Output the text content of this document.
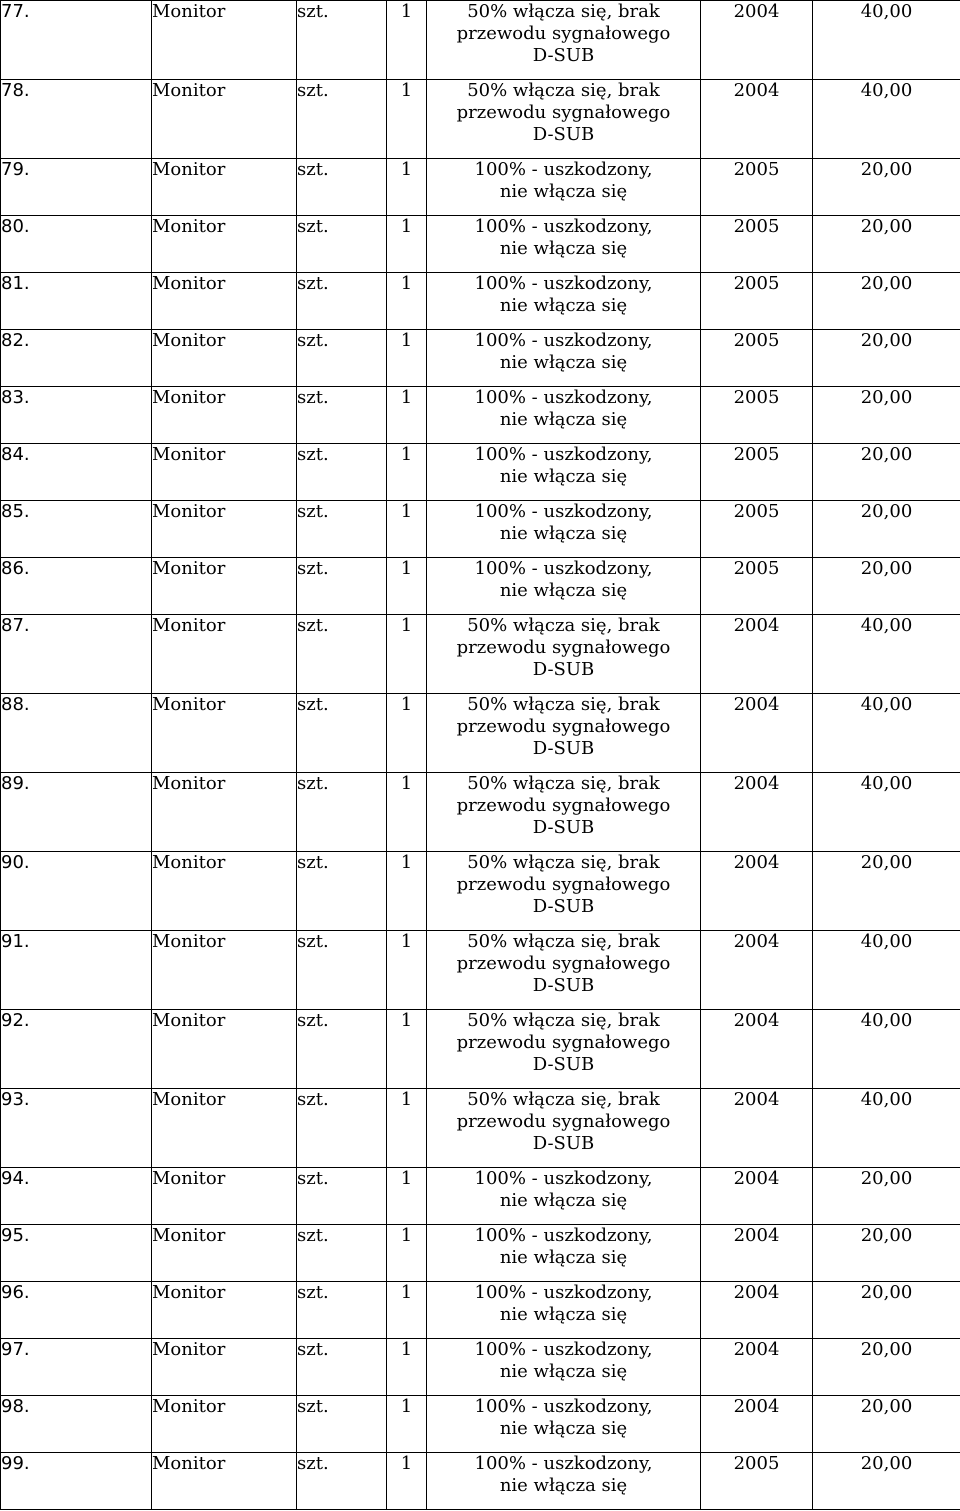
77.	Monitor	szt.	1	50% włącza się, brak
przewodu sygnałowego
D-SUB	2004	40,00
78.	Monitor	szt.	1	50% włącza się, brak
przewodu sygnałowego
D-SUB	2004	40,00
79.	Monitor	szt.	1	100% - uszkodzony,
nie włącza się	2005	20,00
80.	Monitor	szt.	1	100% - uszkodzony,
nie włącza się	2005	20,00
81.	Monitor	szt.	1	100% - uszkodzony,
nie włącza się	2005	20,00
82.	Monitor	szt.	1	100% - uszkodzony,
nie włącza się	2005	20,00
83.	Monitor	szt.	1	100% - uszkodzony,
nie włącza się	2005	20,00
84.	Monitor	szt.	1	100% - uszkodzony,
nie włącza się	2005	20,00
85.	Monitor	szt.	1	100% - uszkodzony,
nie włącza się	2005	20,00
86.	Monitor	szt.	1	100% - uszkodzony,
nie włącza się	2005	20,00
87.	Monitor	szt.	1	50% włącza się, brak
przewodu sygnałowego
D-SUB	2004	40,00
88.	Monitor	szt.	1	50% włącza się, brak
przewodu sygnałowego
D-SUB	2004	40,00
89.	Monitor	szt.	1	50% włącza się, brak
przewodu sygnałowego
D-SUB	2004	40,00
90.	Monitor	szt.	1	50% włącza się, brak
przewodu sygnałowego
D-SUB	2004	20,00
91.	Monitor	szt.	1	50% włącza się, brak
przewodu sygnałowego
D-SUB	2004	40,00
92.	Monitor	szt.	1	50% włącza się, brak
przewodu sygnałowego
D-SUB	2004	40,00
93.	Monitor	szt.	1	50% włącza się, brak
przewodu sygnałowego
D-SUB	2004	40,00
94.	Monitor	szt.	1	100% - uszkodzony,
nie włącza się	2004	20,00
95.	Monitor	szt.	1	100% - uszkodzony,
nie włącza się	2004	20,00
96.	Monitor	szt.	1	100% - uszkodzony,
nie włącza się	2004	20,00
97.	Monitor	szt.	1	100% - uszkodzony,
nie włącza się	2004	20,00
98.	Monitor	szt.	1	100% - uszkodzony,
nie włącza się	2004	20,00
99.	Monitor	szt.	1	100% - uszkodzony,
nie włącza się	2005	20,00
